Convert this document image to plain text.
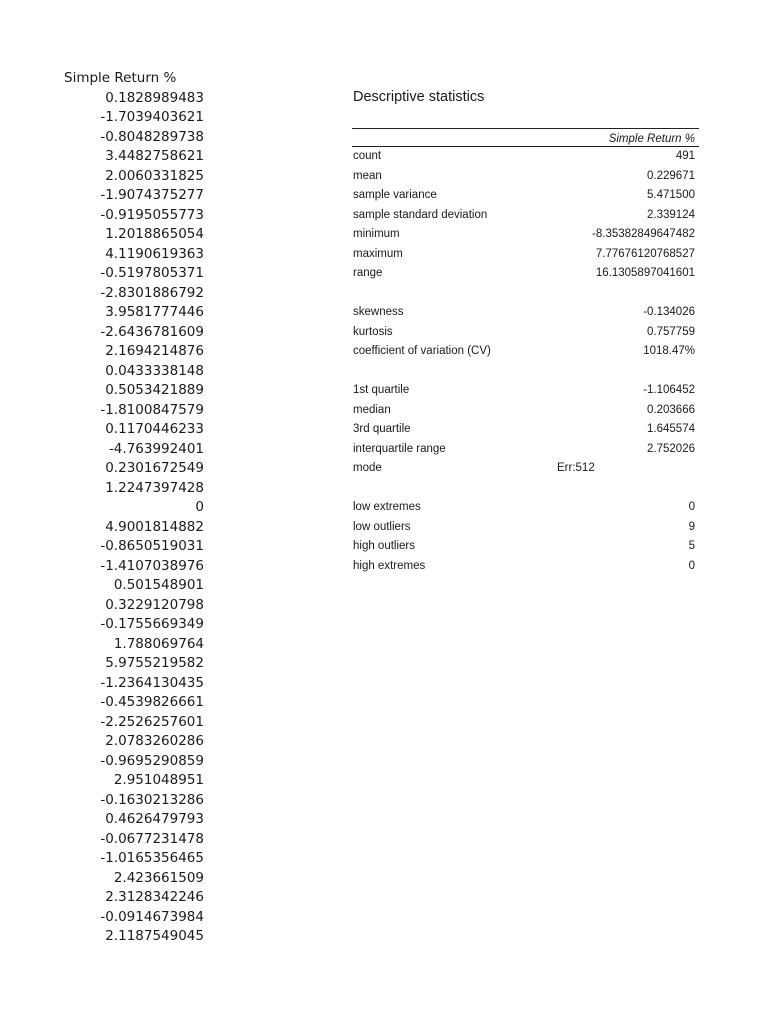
Simple Return %
0.1828989483
-1.7039403621
-0.8048289738
3.4482758621
2.0060331825
-1.9074375277
-0.9195055773
1.2018865054
4.1190619363
-0.5197805371
-2.8301886792
3.9581777446
-2.6436781609
2.1694214876
0.0433338148
0.5053421889
-1.8100847579
0.1170446233
-4.763992401
0.2301672549
1.2247397428
0
4.9001814882
-0.8650519031
-1.4107038976
0.501548901
0.3229120798
-0.1755669349
1.788069764
5.9755219582
-1.2364130435
-0.4539826661
-2.2526257601
2.0783260286
-0.9695290859
2.951048951
-0.1630213286
0.4626479793
-0.0677231478
-1.0165356465
2.423661509
2.3128342246
-0.0914673984
2.1187549045
Descriptive statistics
Simple Return %
count	491
mean	0.229671
sample variance	5.471500
sample standard deviation	2.339124
minimum	-8.35382849647482
maximum	7.77676120768527
range	16.1305897041601
skewness	-0.134026
kurtosis	0.757759
coefficient of variation (CV)	1018.47%
1st quartile	-1.106452
median	0.203666
3rd quartile	1.645574
interquartile range	2.752026
mode	Err:512
low extremes	0
low outliers	9
high outliers	5
high extremes	0
